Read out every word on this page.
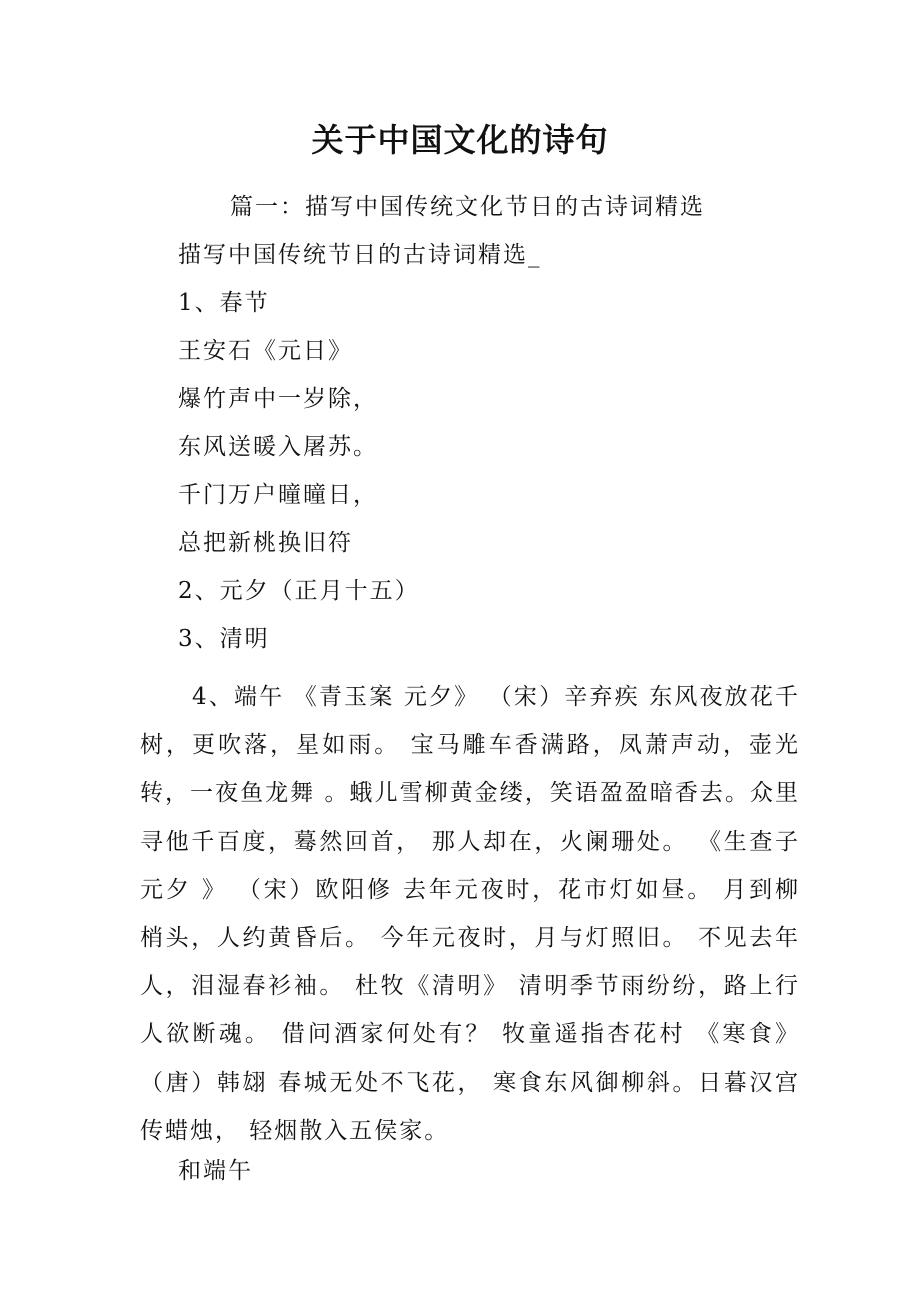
关于中国文化的诗句
篇一：描写中国传统文化节日的古诗词精选
描写中国传统节日的古诗词精选_
1、春节
王安石《元日》
爆竹声中一岁除，
东风送暖入屠苏。
千门万户曈曈日，
总把新桃换旧符
2、元夕（正月十五）
3、清明
4、端午 《青玉案 元夕》 （宋）辛弃疾 东风夜放花千树，更吹落，星如雨。 宝马雕车香满路，凤萧声动，壶光转，一夜鱼龙舞 。蛾儿雪柳黄金缕，笑语盈盈暗香去。众里寻他千百度，蓦然回首， 那人却在，火阑珊处。 《生查子 元夕 》 （宋）欧阳修 去年元夜时，花市灯如昼。 月到柳梢头，人约黄昏后。 今年元夜时，月与灯照旧。 不见去年人，泪湿春衫袖。 杜牧《清明》 清明季节雨纷纷，路上行人欲断魂。 借问酒家何处有？ 牧童遥指杏花村 《寒食》 （唐）韩翃 春城无处不飞花， 寒食东风御柳斜。日暮汉宫传蜡烛， 轻烟散入五侯家。
和端午
